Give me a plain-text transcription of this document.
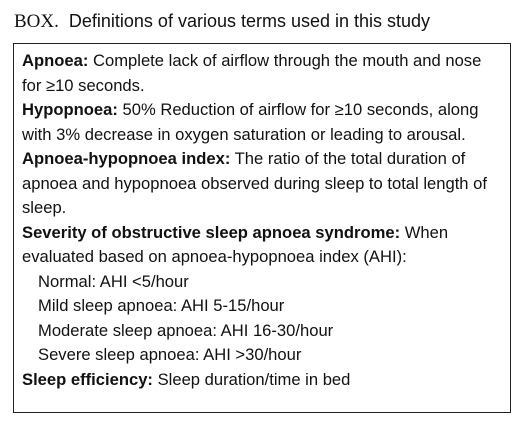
BOX. Definitions of various terms used in this study

Apnoea: Complete lack of airflow through the mouth and nose for ≥10 seconds.

Hypopnoea: 50% Reduction of airflow for ≥10 seconds, along with 3% decrease in oxygen saturation or leading to arousal.

Apnoea-hypopnoea index: The ratio of the total duration of apnoea and hypopnoea observed during sleep to total length of sleep.

Severity of obstructive sleep apnoea syndrome: When evaluated based on apnoea-hypopnoea index (AHI):

Normal: AHI <5/hour

Mild sleep apnoea: AHI 5-15/hour

Moderate sleep apnoea: AHI 16-30/hour

Severe sleep apnoea: AHI >30/hour

Sleep efficiency: Sleep duration/time in bed
